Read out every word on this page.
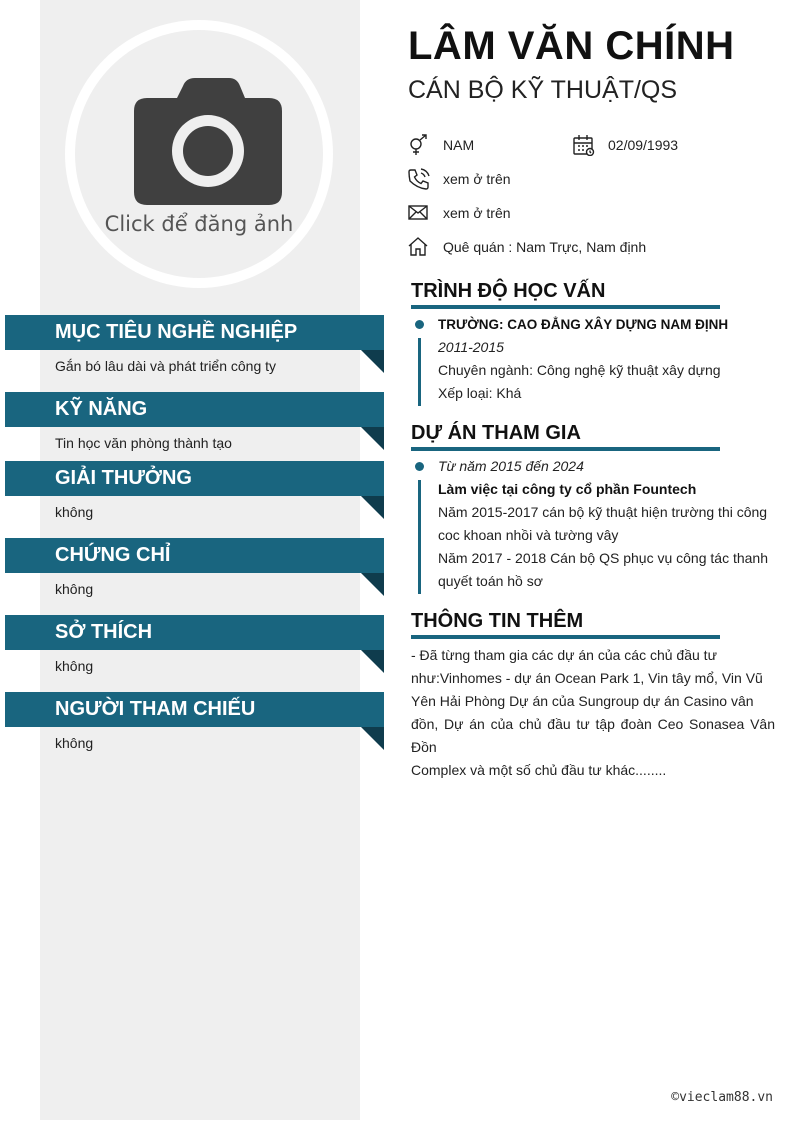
Click để đăng ảnh
MỤC TIÊU NGHỀ NGHIỆP
Gắn bó lâu dài và phát triển công ty
KỸ NĂNG
Tin học văn phòng thành tạo
GIẢI THƯỞNG
không
CHỨNG CHỈ
không
SỞ THÍCH
không
NGƯỜI THAM CHIẾU
không
LÂM VĂN CHÍNH
CÁN BỘ KỸ THUẬT/QS
NAM	02/09/1993
xem ở trên
xem ở trên
Quê quán : Nam Trực, Nam định
TRÌNH ĐỘ HỌC VẤN
TRƯỜNG: CAO ĐẲNG XÂY DỰNG NAM ĐỊNH
2011-2015
Chuyên ngành: Công nghệ kỹ thuật xây dựng
Xếp loại: Khá
DỰ ÁN THAM GIA
Từ năm 2015 đến 2024
Làm việc tại công ty cổ phần Fountech
Năm 2015-2017 cán bộ kỹ thuật hiện trường thi công
coc khoan nhồi và tường vây
Năm 2017 - 2018 Cán bộ QS phục vụ công tác thanh
quyết toán hồ sơ
THÔNG TIN THÊM
- Đã từng tham gia các dự án của các chủ đầu tư
như:Vinhomes - dự án Ocean Park 1, Vin tây mổ, Vin Vũ
Yên Hải Phòng Dự án của Sungroup dự án Casino vân
đồn, Dự án của chủ đầu tư tập đoàn Ceo Sonasea Vân Đồn
Complex và một số chủ đầu tư khác........
©vieclam88.vn
